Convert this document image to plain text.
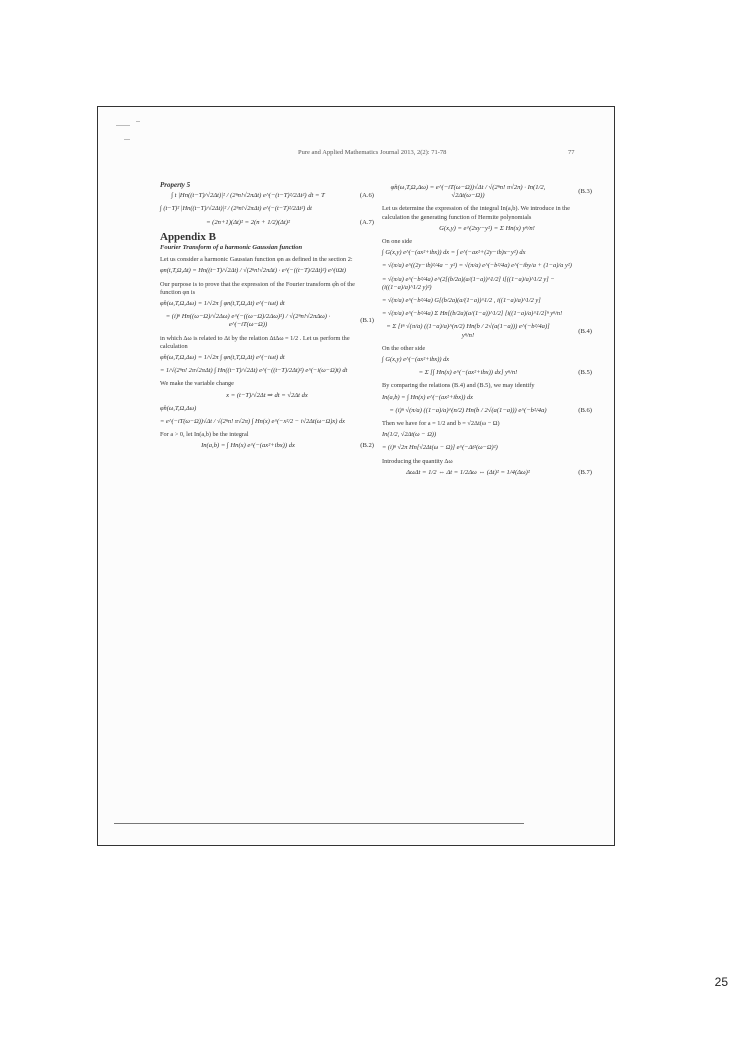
Pure and Applied Mathematics Journal 2013, 2(2): 71-78	77
Property 5
∫ t |Hn((t−T)/√2Δt)|² / (2ⁿn!√2πΔt) e^(−(t−T)²/2Δt²) dt = T	(A.6)
∫ (t−T)² |Hn((t−T)/√2Δt)|² / (2ⁿn!√2πΔt) e^(−(t−T)²/2Δt²) dt
= (2n+1)(Δt)² = 2(n + 1/2)(Δt)²	(A.7)
Appendix B
Fourier Transform of a harmonic Gaussian function

Let us consider a harmonic Gaussian function φn as defined in the section 2:

φn(t,T,Ω,Δt) = Hn((t−T)/√2Δt) / √(2ⁿn!√2πΔt) · e^(−((t−T)/2Δt)²) e^(iΩt)

Our purpose is to prove that the expression of the Fourier transform φ̂n of the function φn is

φ̂n(ω,T,Ω,Δω) = 1/√2π ∫ φn(t,T,Ω,Δt) e^(−iωt) dt
= (i)ⁿ Hn((ω−Ω)/√2Δω) e^(−((ω−Ω)/2Δω)²) / √(2ⁿn!√2πΔω) · e^(−iT(ω−Ω))
(B.1)

in which Δω is related to Δt by the relation ΔtΔω = 1/2 . Let us perform the calculation

φ̂n(ω,T,Ω,Δω) = 1/√2π ∫ φn(t,T,Ω,Δt) e^(−iωt) dt
= 1/√(2ⁿn! 2π√2πΔt) ∫ Hn((t−T)/√2Δt) e^(−((t−T)/2Δt)²) e^(−i(ω−Ω)t) dt

We make the variable change

x = (t−T)/√2Δt ⇒ dt = √2Δt dx
φ̂n(ω,T,Ω,Δω)
= e^(−iT(ω−Ω))√Δt / √(2ⁿn! π√2π) ∫ Hn(x) e^(−x²/2 − i√2Δt(ω−Ω)x) dx

For a > 0, let In(a,b) be the integral

In(a,b) = ∫ Hn(x) e^(−(ax²+ibx)) dx	(B.2)
φ̂n(ω,T,Ω,Δω) = e^(−iT(ω−Ω))√Δt / √(2ⁿn! π√2π) · In(1/2, √2Δt(ω−Ω))
(B.3)

Let us determine the expression of the integral In(a,b). We introduce in the calculation the generating function of Hermite polynomials

G(x,y) = e^(2xy−y²) = Σ Hn(x) yⁿ/n!

On one side

∫ G(x,y) e^(−(ax²+ibx)) dx = ∫ e^(−ax²+(2y−ib)x−y²) dx
= √(π/a) e^((2y−ib)²/4a − y²) = √(π/a) e^(−b²/4a) e^(−iby/a + (1−a)/a y²)
= √(π/a) e^(−b²/4a) e^(2[(b/2a)(a/(1−a))^1/2] i[((1−a)/a)^1/2 y] − (i((1−a)/a)^1/2 y)²)
= √(π/a) e^(−b²/4a) G[(b/2a)(a/(1−a))^1/2 , i((1−a)/a)^1/2 y]
= √(π/a) e^(−b²/4a) Σ Hn[(b/2a)(a/(1−a))^1/2] [i((1−a)/a)^1/2]ⁿ yⁿ/n!
= Σ [iⁿ √(π/a) ((1−a)/a)^(n/2) Hn(b / 2√(a(1−a))) e^(−b²/4a)] yⁿ/n!
(B.4)

On the other side

∫ G(x,y) e^(−(ax²+ibx)) dx
= Σ [∫ Hn(x) e^(−(ax²+ibx)) dx] yⁿ/n!	(B.5)

By comparing the relations (B.4) and (B.5), we may identify

In(a,b) = ∫ Hn(x) e^(−(ax²+ibx)) dx
= (i)ⁿ √(π/a) ((1−a)/a)^(n/2) Hn(b / 2√(a(1−a))) e^(−b²/4a)	(B.6)

Then we have for a = 1/2 and b = √2Δt(ω − Ω)

In(1/2, √2Δt(ω − Ω))
= (i)ⁿ √2π Hn[√2Δt(ω − Ω)] e^(−Δt²(ω−Ω)²)

Introducing the quantity Δω

ΔωΔt = 1/2 ⇔ Δt = 1/2Δω ⇔ (Δt)² = 1/4(Δω)²	(B.7)
25
